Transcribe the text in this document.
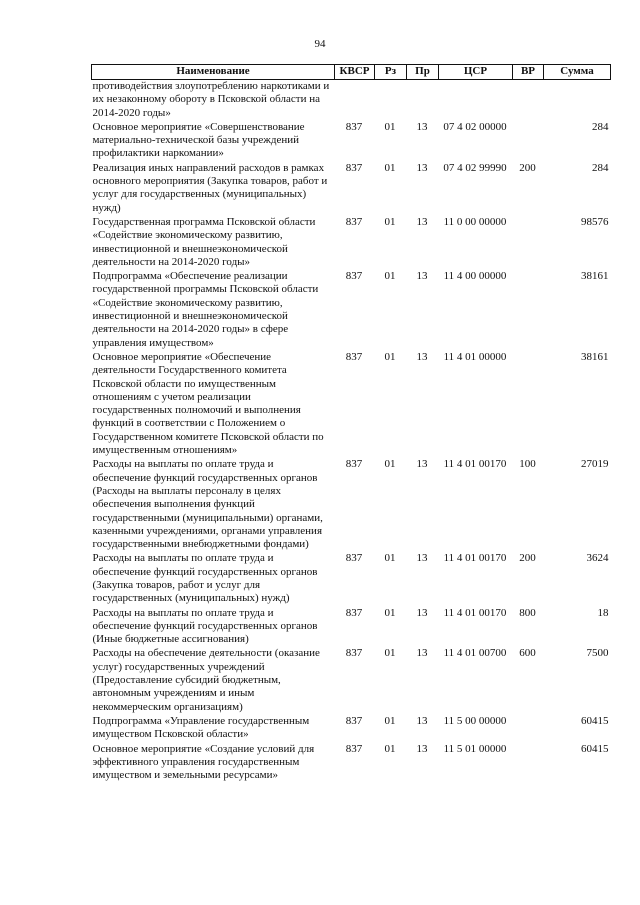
94
Наименование	КВСР	Рз	Пр	ЦСР	ВР	Сумма
противодействия злоупотреблению наркотиками и их незаконному обороту в Псковской области на 2014-2020 годы»						
Основное мероприятие «Совершенствование материально-технической базы учреждений профилактики наркомании»	837	01	13	07 4 02 00000		284
Реализация иных направлений расходов в рамках основного мероприятия (Закупка товаров, работ и услуг для государственных (муниципальных) нужд)	837	01	13	07 4 02 99990	200	284
Государственная программа Псковской области «Содействие экономическому развитию, инвестиционной и внешнеэкономической деятельности на 2014-2020 годы»	837	01	13	11 0 00 00000		98576
Подпрограмма «Обеспечение реализации государственной программы Псковской области «Содействие экономическому развитию, инвестиционной и внешнеэкономической деятельности на 2014-2020 годы» в сфере управления имуществом»	837	01	13	11 4 00 00000		38161
Основное мероприятие «Обеспечение деятельности Государственного комитета Псковской области по имущественным отношениям с учетом реализации государственных полномочий и выполнения функций в соответствии с Положением о Государственном комитете Псковской области по имущественным отношениям»	837	01	13	11 4 01 00000		38161
Расходы на выплаты по оплате труда и обеспечение функций государственных органов (Расходы на выплаты персоналу в целях обеспечения выполнения функций государственными (муниципальными) органами, казенными учреждениями, органами управления государственными внебюджетными фондами)	837	01	13	11 4 01 00170	100	27019
Расходы на выплаты по оплате труда и обеспечение функций государственных органов (Закупка товаров, работ и услуг для государственных (муниципальных) нужд)	837	01	13	11 4 01 00170	200	3624
Расходы на выплаты по оплате труда и обеспечение функций государственных органов (Иные бюджетные ассигнования)	837	01	13	11 4 01 00170	800	18
Расходы на обеспечение деятельности (оказание услуг) государственных учреждений (Предоставление субсидий бюджетным, автономным учреждениям и иным некоммерческим организациям)	837	01	13	11 4 01 00700	600	7500
Подпрограмма «Управление государственным имуществом Псковской области»	837	01	13	11 5 00 00000		60415
Основное мероприятие «Создание условий для эффективного управления государственным имуществом и земельными ресурсами»	837	01	13	11 5 01 00000		60415
